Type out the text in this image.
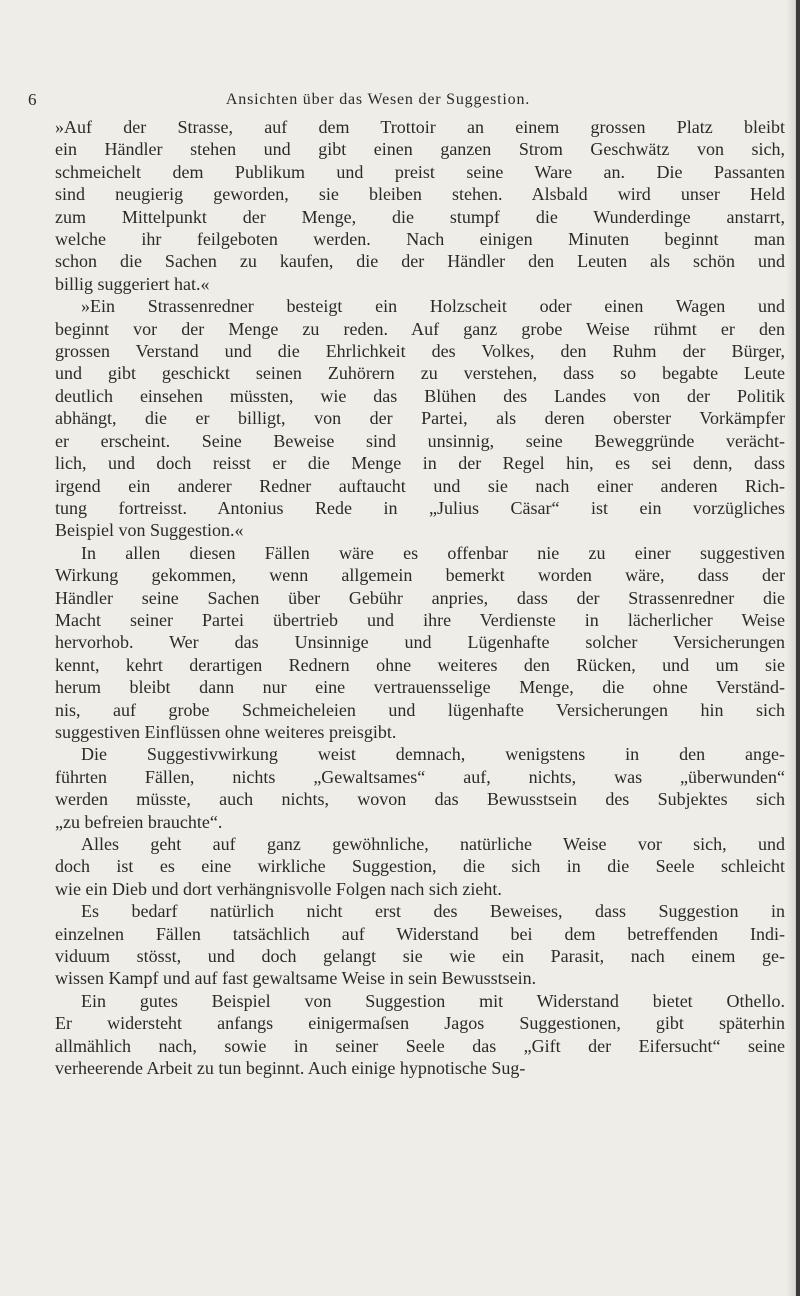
6	Ansichten über das Wesen der Suggestion.
»Auf der Strasse, auf dem Trottoir an einem grossen Platz bleibt
ein Händler stehen und gibt einen ganzen Strom Geschwätz von sich,
schmeichelt dem Publikum und preist seine Ware an. Die Passanten
sind neugierig geworden, sie bleiben stehen. Alsbald wird unser Held
zum Mittelpunkt der Menge, die stumpf die Wunderdinge anstarrt,
welche ihr feilgeboten werden. Nach einigen Minuten beginnt man
schon die Sachen zu kaufen, die der Händler den Leuten als schön und
billig suggeriert hat.«
»Ein Strassenredner besteigt ein Holzscheit oder einen Wagen und
beginnt vor der Menge zu reden. Auf ganz grobe Weise rühmt er den
grossen Verstand und die Ehrlichkeit des Volkes, den Ruhm der Bürger,
und gibt geschickt seinen Zuhörern zu verstehen, dass so begabte Leute
deutlich einsehen müssten, wie das Blühen des Landes von der Politik
abhängt, die er billigt, von der Partei, als deren oberster Vorkämpfer
er erscheint. Seine Beweise sind unsinnig, seine Beweggründe verächt-
lich, und doch reisst er die Menge in der Regel hin, es sei denn, dass
irgend ein anderer Redner auftaucht und sie nach einer anderen Rich-
tung fortreisst. Antonius Rede in „Julius Cäsar“ ist ein vorzügliches
Beispiel von Suggestion.«
In allen diesen Fällen wäre es offenbar nie zu einer suggestiven
Wirkung gekommen, wenn allgemein bemerkt worden wäre, dass der
Händler seine Sachen über Gebühr anpries, dass der Strassenredner die
Macht seiner Partei übertrieb und ihre Verdienste in lächerlicher Weise
hervorhob. Wer das Unsinnige und Lügenhafte solcher Versicherungen
kennt, kehrt derartigen Rednern ohne weiteres den Rücken, und um sie
herum bleibt dann nur eine vertrauensselige Menge, die ohne Verständ-
nis, auf grobe Schmeicheleien und lügenhafte Versicherungen hin sich
suggestiven Einflüssen ohne weiteres preisgibt.
Die Suggestivwirkung weist demnach, wenigstens in den ange-
führten Fällen, nichts „Gewaltsames“ auf, nichts, was „überwunden“
werden müsste, auch nichts, wovon das Bewusstsein des Subjektes sich
„zu befreien brauchte“.
Alles geht auf ganz gewöhnliche, natürliche Weise vor sich, und
doch ist es eine wirkliche Suggestion, die sich in die Seele schleicht
wie ein Dieb und dort verhängnisvolle Folgen nach sich zieht.
Es bedarf natürlich nicht erst des Beweises, dass Suggestion in
einzelnen Fällen tatsächlich auf Widerstand bei dem betreffenden Indi-
viduum stösst, und doch gelangt sie wie ein Parasit, nach einem ge-
wissen Kampf und auf fast gewaltsame Weise in sein Bewusstsein.
Ein gutes Beispiel von Suggestion mit Widerstand bietet Othello.
Er widersteht anfangs einigermaſsen Jagos Suggestionen, gibt späterhin
allmählich nach, sowie in seiner Seele das „Gift der Eifersucht“ seine
verheerende Arbeit zu tun beginnt. Auch einige hypnotische Sug-
